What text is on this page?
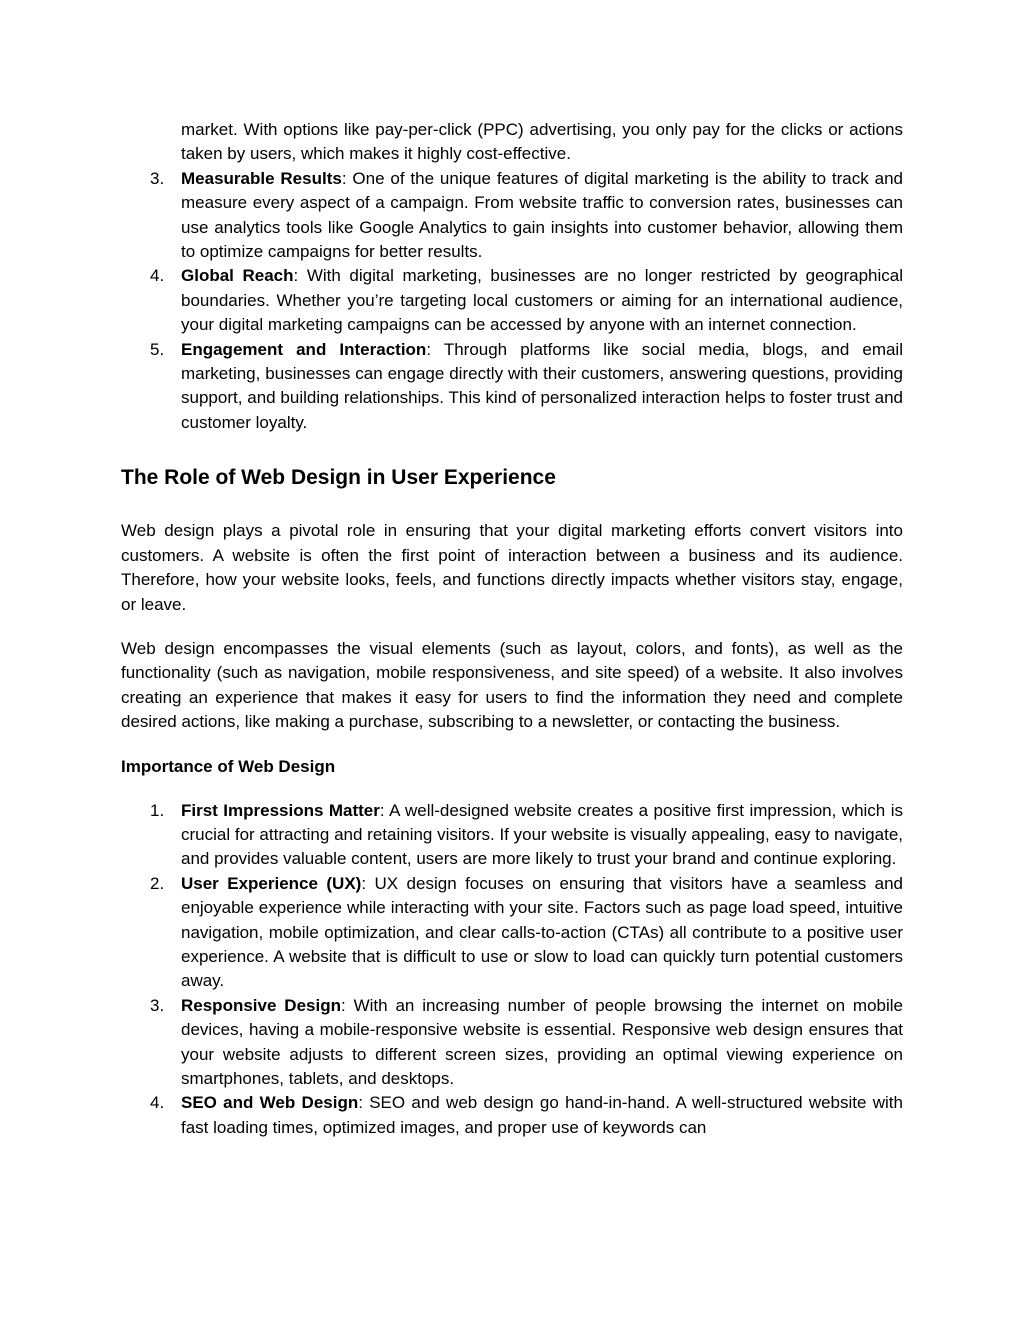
market. With options like pay-per-click (PPC) advertising, you only pay for the clicks or actions taken by users, which makes it highly cost-effective.
3. Measurable Results: One of the unique features of digital marketing is the ability to track and measure every aspect of a campaign. From website traffic to conversion rates, businesses can use analytics tools like Google Analytics to gain insights into customer behavior, allowing them to optimize campaigns for better results.
4. Global Reach: With digital marketing, businesses are no longer restricted by geographical boundaries. Whether you’re targeting local customers or aiming for an international audience, your digital marketing campaigns can be accessed by anyone with an internet connection.
5. Engagement and Interaction: Through platforms like social media, blogs, and email marketing, businesses can engage directly with their customers, answering questions, providing support, and building relationships. This kind of personalized interaction helps to foster trust and customer loyalty.
The Role of Web Design in User Experience

Web design plays a pivotal role in ensuring that your digital marketing efforts convert visitors into customers. A website is often the first point of interaction between a business and its audience. Therefore, how your website looks, feels, and functions directly impacts whether visitors stay, engage, or leave.

Web design encompasses the visual elements (such as layout, colors, and fonts), as well as the functionality (such as navigation, mobile responsiveness, and site speed) of a website. It also involves creating an experience that makes it easy for users to find the information they need and complete desired actions, like making a purchase, subscribing to a newsletter, or contacting the business.

Importance of Web Design
1. First Impressions Matter: A well-designed website creates a positive first impression, which is crucial for attracting and retaining visitors. If your website is visually appealing, easy to navigate, and provides valuable content, users are more likely to trust your brand and continue exploring.
2. User Experience (UX): UX design focuses on ensuring that visitors have a seamless and enjoyable experience while interacting with your site. Factors such as page load speed, intuitive navigation, mobile optimization, and clear calls-to-action (CTAs) all contribute to a positive user experience. A website that is difficult to use or slow to load can quickly turn potential customers away.
3. Responsive Design: With an increasing number of people browsing the internet on mobile devices, having a mobile-responsive website is essential. Responsive web design ensures that your website adjusts to different screen sizes, providing an optimal viewing experience on smartphones, tablets, and desktops.
4. SEO and Web Design: SEO and web design go hand-in-hand. A well-structured website with fast loading times, optimized images, and proper use of keywords can
